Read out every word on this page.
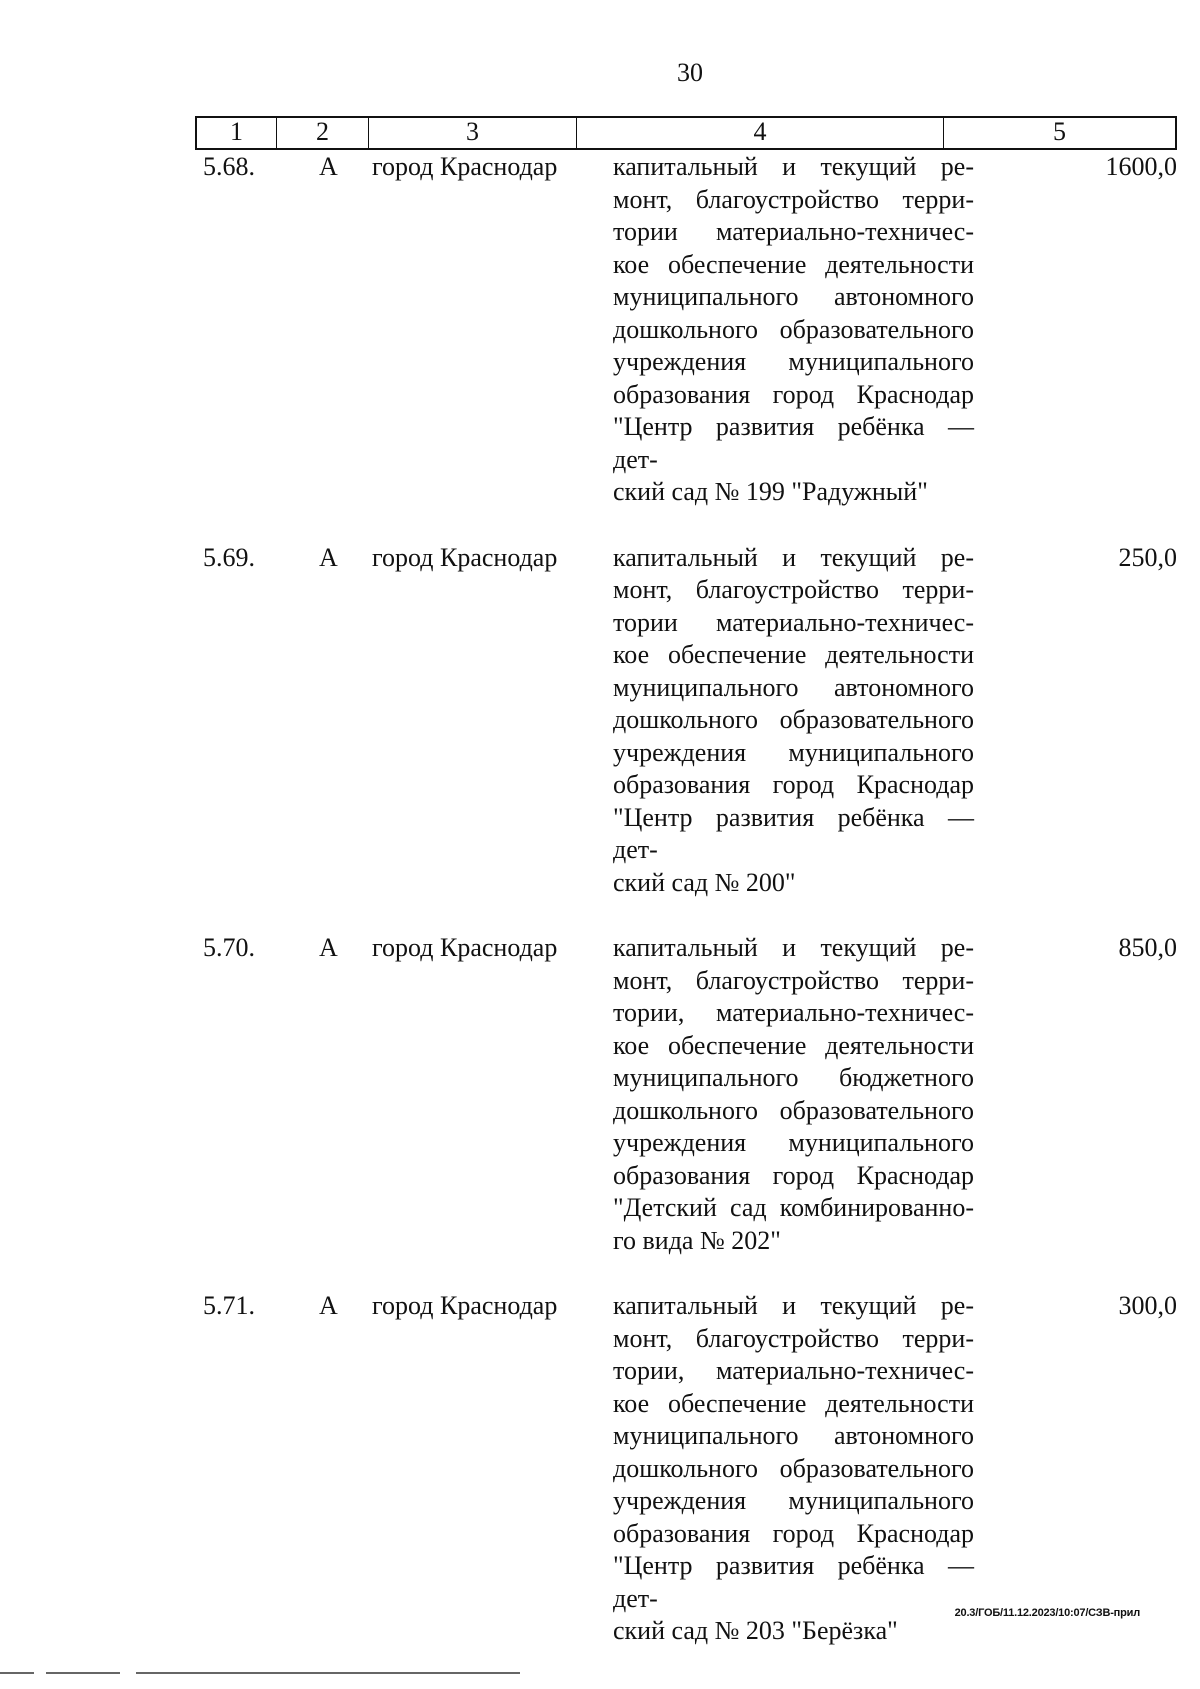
30
1	2	3	4	5
5.68.	А	город Краснодар	капитальный и текущий ре-
монт, благоустройство терри-
тории материально-техничес-
кое обеспечение деятельности
муниципального автономного
дошкольного образовательного
учреждения муниципального
образования город Краснодар
"Центр развития ребёнка — дет-
ский сад № 199 "Радужный"
1600,0
5.69.	А	город Краснодар	капитальный и текущий ре-
монт, благоустройство терри-
тории материально-техничес-
кое обеспечение деятельности
муниципального автономного
дошкольного образовательного
учреждения муниципального
образования город Краснодар
"Центр развития ребёнка — дет-
ский сад № 200"
250,0
5.70.	А	город Краснодар	капитальный и текущий ре-
монт, благоустройство терри-
тории, материально-техничес-
кое обеспечение деятельности
муниципального бюджетного
дошкольного образовательного
учреждения муниципального
образования город Краснодар
"Детский сад комбинированно-
го вида № 202"
850,0
5.71.	А	город Краснодар	капитальный и текущий ре-
монт, благоустройство терри-
тории, материально-техничес-
кое обеспечение деятельности
муниципального автономного
дошкольного образовательного
учреждения муниципального
образования город Краснодар
"Центр развития ребёнка — дет-
ский сад № 203 "Берёзка"
300,0
20.3/ГОБ/11.12.2023/10:07/СЗВ-прил
